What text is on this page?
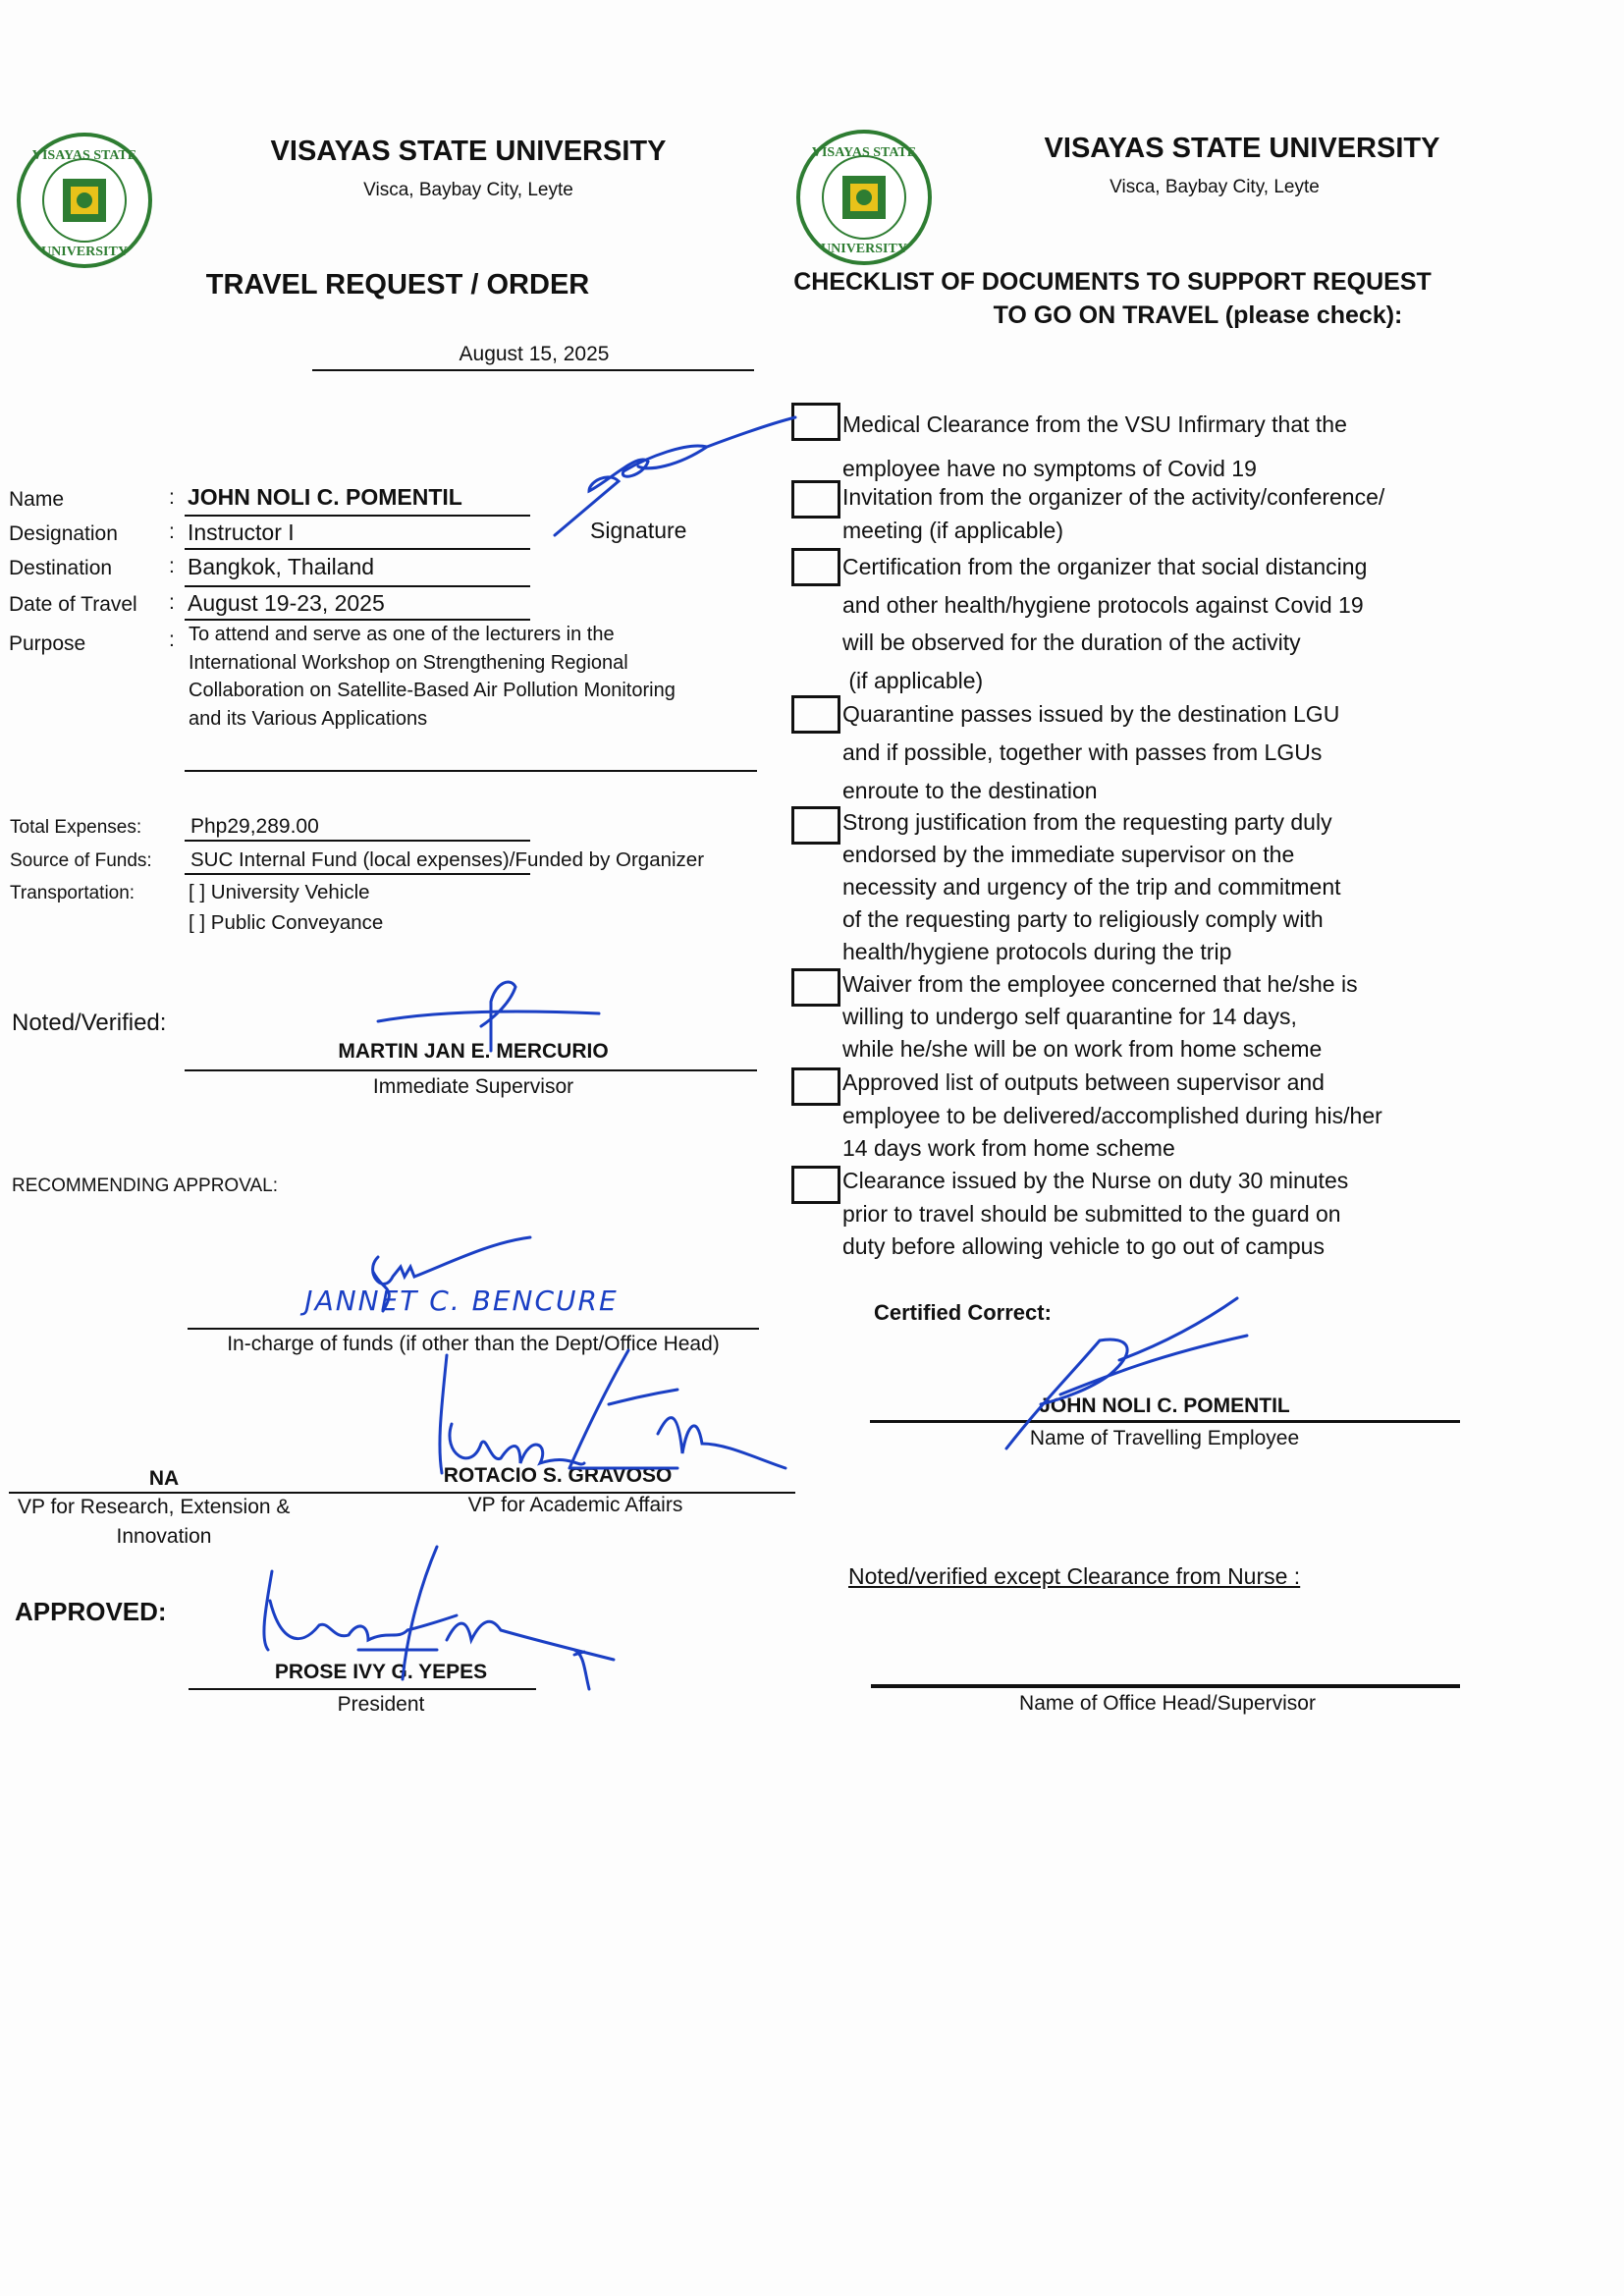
VISAYAS STATE
UNIVERSITY
VISAYAS STATE
UNIVERSITY
VISAYAS STATE UNIVERSITY
Visca, Baybay City, Leyte
TRAVEL REQUEST / ORDER
August 15, 2025
VISAYAS STATE UNIVERSITY
Visca, Baybay City, Leyte
CHECKLIST OF DOCUMENTS TO SUPPORT REQUEST
TO GO ON TRAVEL (please check):
Name	: JOHN NOLI C. POMENTIL
Signature
Designation : Instructor I
Destination	: Bangkok, Thailand
Date of Travel : August 19-23, 2025
Purpose	: To attend and serve as one of the lecturers in the
International Workshop on Strengthening Regional
Collaboration on Satellite-Based Air Pollution Monitoring
and its Various Applications
Total Expenses: Php29,289.00
Source of Funds: SUC Internal Fund (local expenses)/Funded by Organizer
Transportation:	[ ] University Vehicle
[ ] Public Conveyance
Noted/Verified:
MARTIN JAN E. MERCURIO
Immediate Supervisor
RECOMMENDING APPROVAL:
JANNET C. BENCURE
In-charge of funds (if other than the Dept/Office Head)
NA	ROTACIO S. GRAVOSO
VP for Research, Extension &
Innovation
VP for Academic Affairs
APPROVED:
PROSE IVY G. YEPES
President
Medical Clearance from the VSU Infirmary that the
employee have no symptoms of Covid 19
Invitation from the organizer of the activity/conference/
meeting (if applicable)
Certification from the organizer that social distancing
and other health/hygiene protocols against Covid 19
will be observed for the duration of the activity
(if applicable)
Quarantine passes issued by the destination LGU
and if possible, together with passes from LGUs
enroute to the destination
Strong justification from the requesting party duly
endorsed by the immediate supervisor on the
necessity and urgency of the trip and commitment
of the requesting party to religiously comply with
health/hygiene protocols during the trip
Waiver from the employee concerned that he/she is
willing to undergo self quarantine for 14 days,
while he/she will be on work from home scheme
Approved list of outputs between supervisor and
employee to be delivered/accomplished during his/her
14 days work from home scheme
Clearance issued by the Nurse on duty 30 minutes
prior to travel should be submitted to the guard on
duty before allowing vehicle to go out of campus
Certified Correct:
JOHN NOLI C. POMENTIL
Name of Travelling Employee
Noted/verified except Clearance from Nurse :
Name of Office Head/Supervisor
